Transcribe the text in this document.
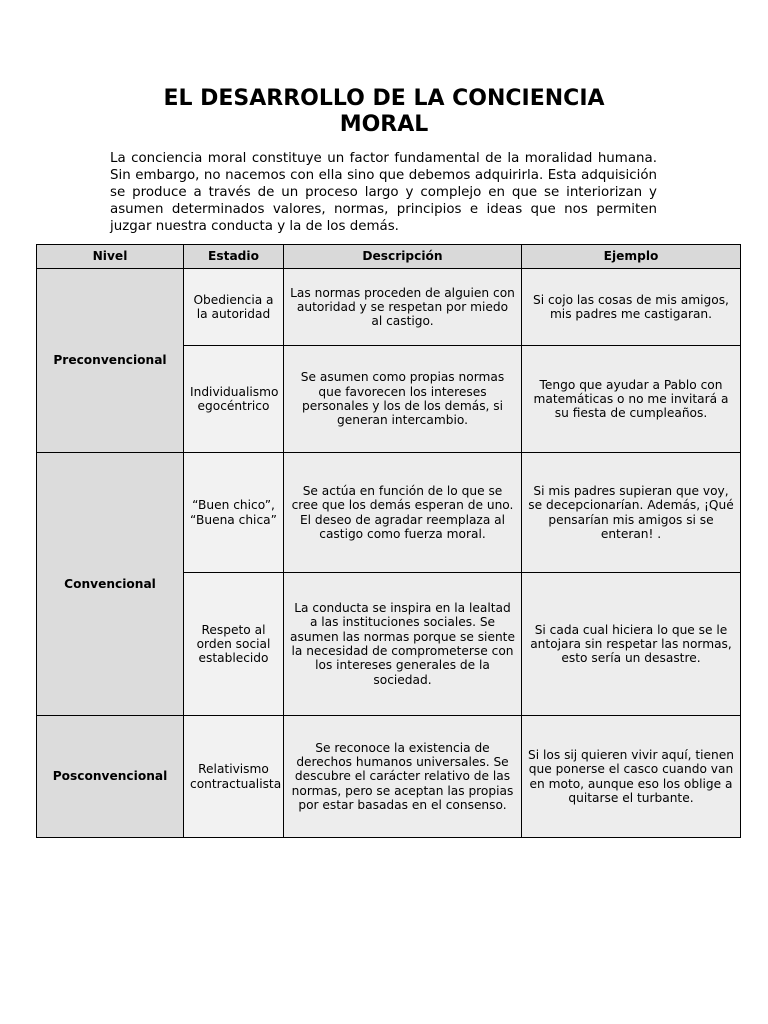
EL DESARROLLO DE LA CONCIENCIA MORAL
La conciencia moral constituye un factor fundamental de la moralidad humana. Sin embargo, no nacemos con ella sino que debemos adquirirla. Esta adquisición se produce a través de un proceso largo y complejo en que se interiorizan y asumen determinados valores, normas, principios e ideas que nos permiten juzgar nuestra conducta y la de los demás.
Nivel	Estadio	Descripción	Ejemplo
Preconvencional	Obediencia a la autoridad	Las normas proceden de alguien con autoridad y se respetan por miedo al castigo.	Si cojo las cosas de mis amigos, mis padres me castigaran.
	Individualismo egocéntrico	Se asumen como propias normas que favorecen los intereses personales y los de los demás, si generan intercambio.	Tengo que ayudar a Pablo con matemáticas o no me invitará a su fiesta de cumpleaños.
Convencional	“Buen chico”, “Buena chica”	Se actúa en función de lo que se cree que los demás esperan de uno. El deseo de agradar reemplaza al castigo como fuerza moral.	Si mis padres supieran que voy, se decepcionarían. Además, ¡Qué pensarían mis amigos si se enteran! .
	Respeto al orden social establecido	La conducta se inspira en la lealtad a las instituciones sociales. Se asumen las normas porque se siente la necesidad de comprometerse con los intereses generales de la sociedad.	Si cada cual hiciera lo que se le antojara sin respetar las normas, esto sería un desastre.
Posconvencional	Relativismo contractualista	Se reconoce la existencia de derechos humanos universales. Se descubre el carácter relativo de las normas, pero se aceptan las propias por estar basadas en el consenso.	Si los sij quieren vivir aquí, tienen que ponerse el casco cuando van en moto, aunque eso los oblige a quitarse el turbante.
